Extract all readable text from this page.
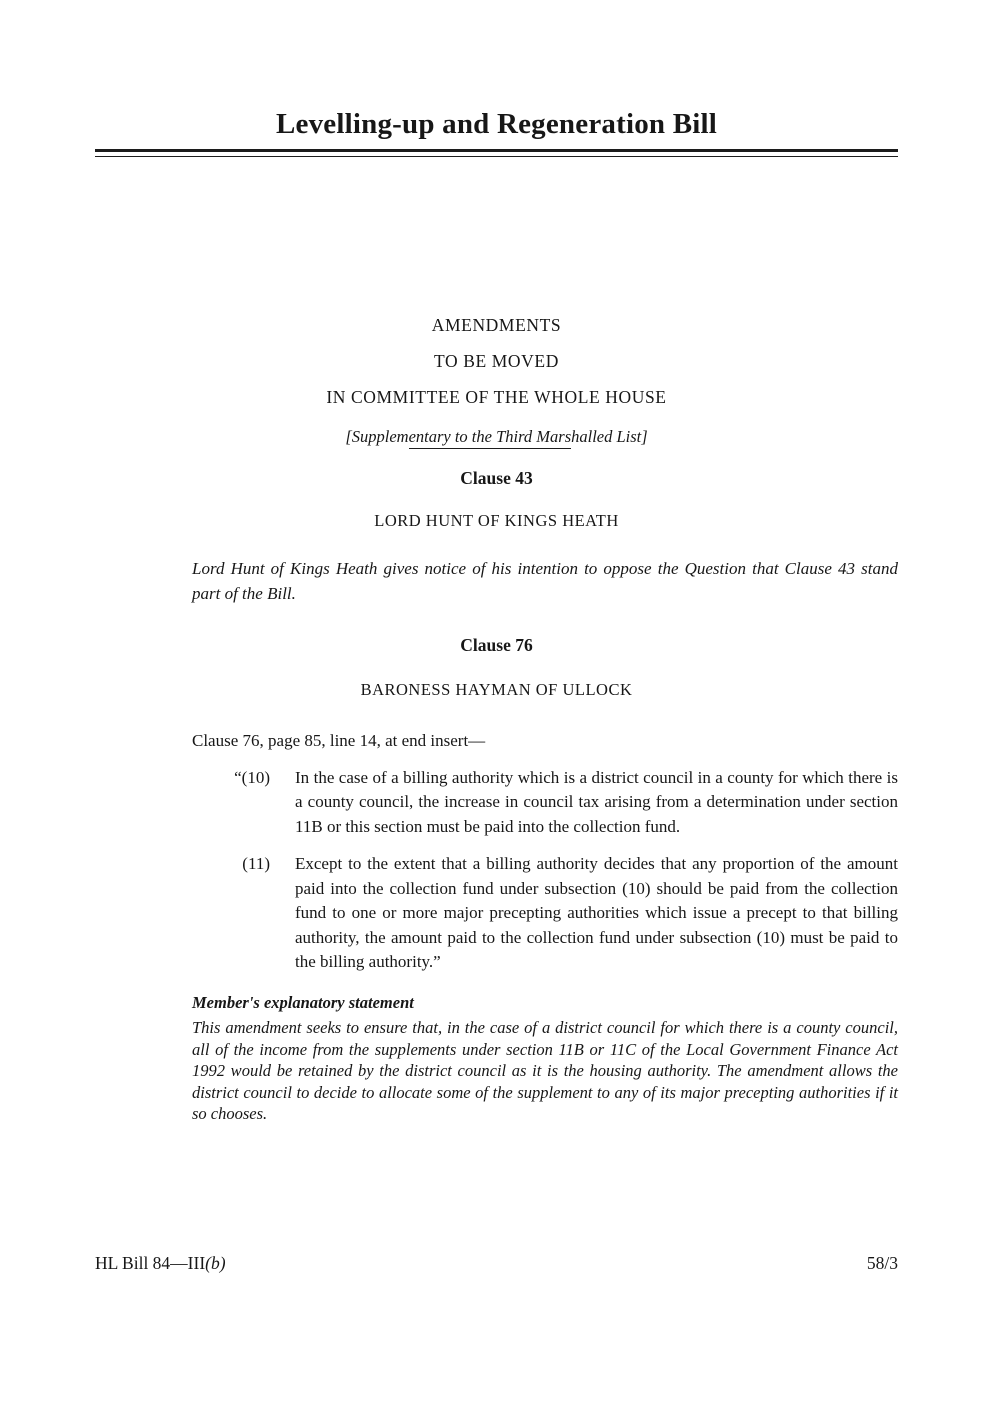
Levelling-up and Regeneration Bill
AMENDMENTS
TO BE MOVED
IN COMMITTEE OF THE WHOLE HOUSE
[Supplementary to the Third Marshalled List]
Clause 43
LORD HUNT OF KINGS HEATH

Lord Hunt of Kings Heath gives notice of his intention to oppose the Question that Clause 43 stand part of the Bill.

Clause 76
BARONESS HAYMAN OF ULLOCK
Clause 76, page 85, line 14, at end insert—
“(10) In the case of a billing authority which is a district council in a county for which there is a county council, the increase in council tax arising from a determination under section 11B or this section must be paid into the collection fund.
(11) Except to the extent that a billing authority decides that any proportion of the amount paid into the collection fund under subsection (10) should be paid from the collection fund to one or more major precepting authorities which issue a precept to that billing authority, the amount paid to the collection fund under subsection (10) must be paid to the billing authority.”
Member's explanatory statement
This amendment seeks to ensure that, in the case of a district council for which there is a county council, all of the income from the supplements under section 11B or 11C of the Local Government Finance Act 1992 would be retained by the district council as it is the housing authority. The amendment allows the district council to decide to allocate some of the supplement to any of its major precepting authorities if it so chooses.
HL Bill 84—III(b)	58/3
